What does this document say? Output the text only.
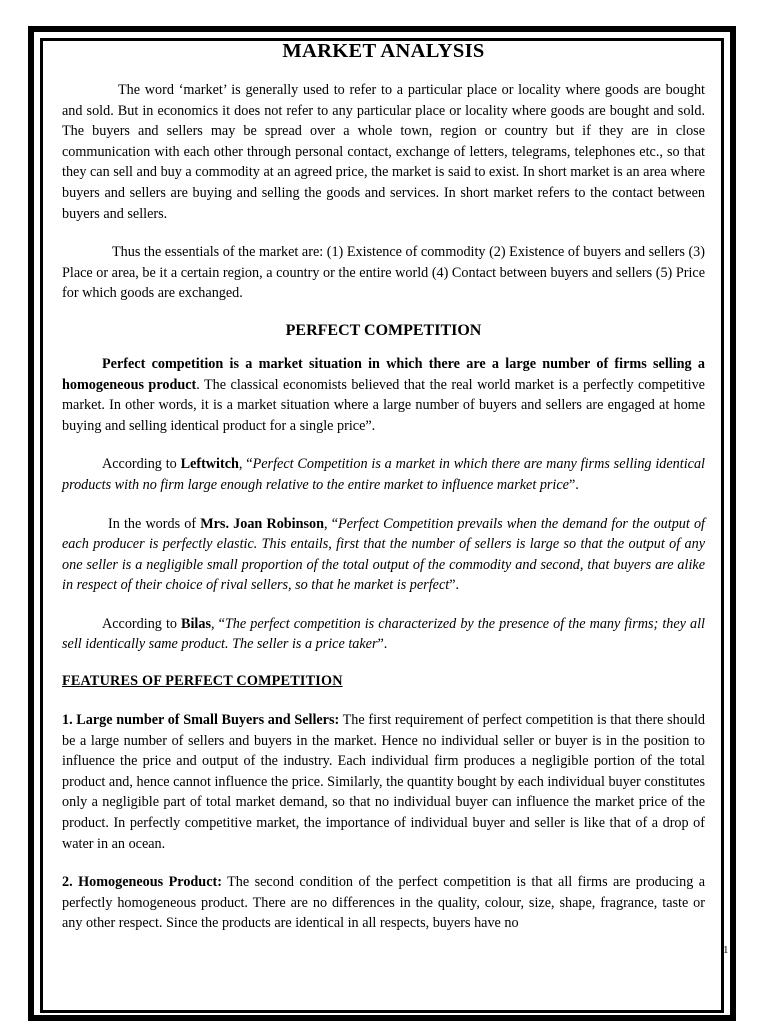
MARKET ANALYSIS

The word ‘market’ is generally used to refer to a particular place or locality where goods are bought and sold. But in economics it does not refer to any particular place or locality where goods are bought and sold. The buyers and sellers may be spread over a whole town, region or country but if they are in close communication with each other through personal contact, exchange of letters, telegrams, telephones etc., so that they can sell and buy a commodity at an agreed price, the market is said to exist. In short market is an area where buyers and sellers are buying and selling the goods and services. In short market refers to the contact between buyers and sellers.

Thus the essentials of the market are: (1) Existence of commodity (2) Existence of buyers and sellers (3) Place or area, be it a certain region, a country or the entire world (4) Contact between buyers and sellers (5) Price for which goods are exchanged.

PERFECT COMPETITION

Perfect competition is a market situation in which there are a large number of firms selling a homogeneous product. The classical economists believed that the real world market is a perfectly competitive market. In other words, it is a market situation where a large number of buyers and sellers are engaged at home buying and selling identical product for a single price”.

According to Leftwitch, “Perfect Competition is a market in which there are many firms selling identical products with no firm large enough relative to the entire market to influence market price”.

In the words of Mrs. Joan Robinson, “Perfect Competition prevails when the demand for the output of each producer is perfectly elastic. This entails, first that the number of sellers is large so that the output of any one seller is a negligible small proportion of the total output of the commodity and second, that buyers are alike in respect of their choice of rival sellers, so that he market is perfect”.

According to Bilas, “The perfect competition is characterized by the presence of the many firms; they all sell identically same product. The seller is a price taker”.

FEATURES OF PERFECT COMPETITION

1. Large number of Small Buyers and Sellers: The first requirement of perfect competition is that there should be a large number of sellers and buyers in the market. Hence no individual seller or buyer is in the position to influence the price and output of the industry. Each individual firm produces a negligible portion of the total product and, hence cannot influence the price. Similarly, the quantity bought by each individual buyer constitutes only a negligible part of total market demand, so that no individual buyer can influence the market price of the product. In perfectly competitive market, the importance of individual buyer and seller is like that of a drop of water in an ocean.

2. Homogeneous Product: The second condition of the perfect competition is that all firms are producing a perfectly homogeneous product. There are no differences in the quality, colour, size, shape, fragrance, taste or any other respect. Since the products are identical in all respects, buyers have no

1
